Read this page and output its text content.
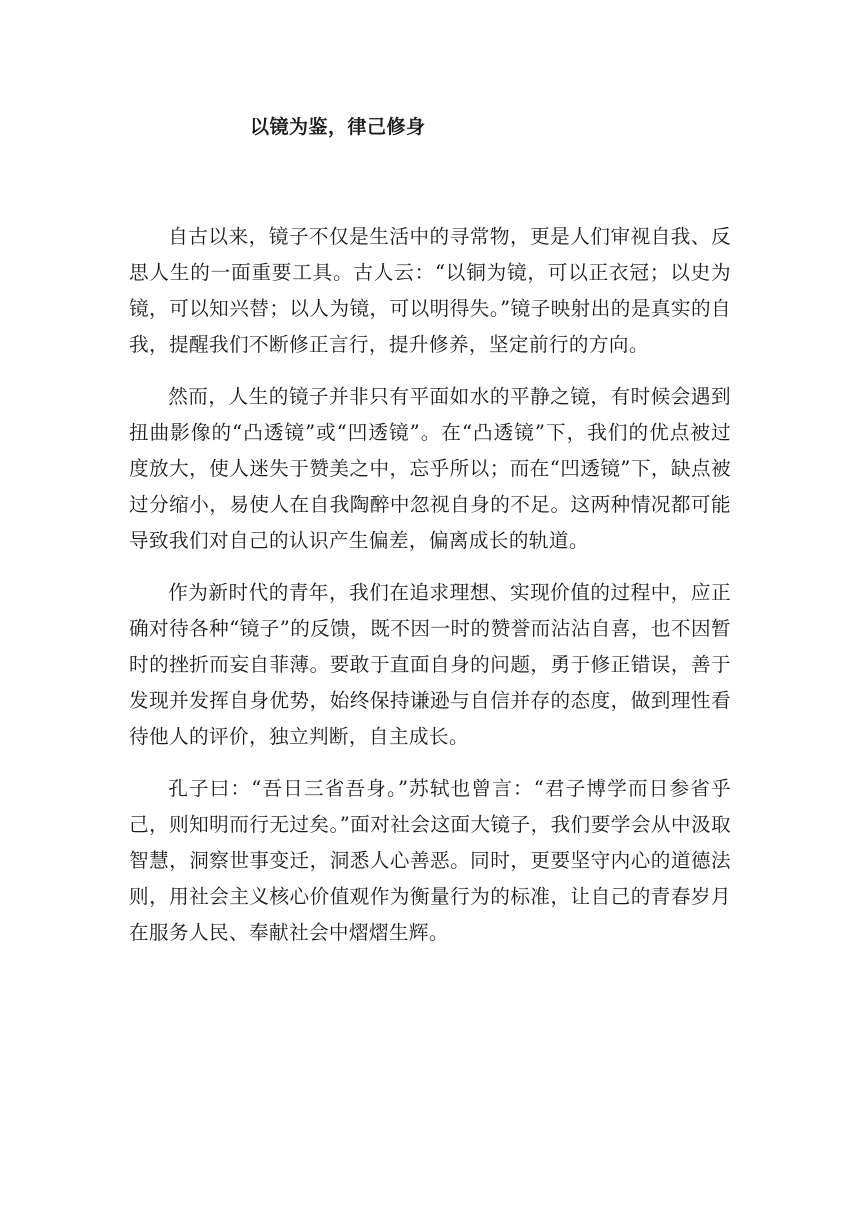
以镜为鉴，律己修身

自古以来，镜子不仅是生活中的寻常物，更是人们审视自我、反思人生的一面重要工具。古人云：“以铜为镜，可以正衣冠；以史为镜，可以知兴替；以人为镜，可以明得失。”镜子映射出的是真实的自我，提醒我们不断修正言行，提升修养，坚定前行的方向。

然而，人生的镜子并非只有平面如水的平静之镜，有时候会遇到扭曲影像的“凸透镜”或“凹透镜”。在“凸透镜”下，我们的优点被过度放大，使人迷失于赞美之中，忘乎所以；而在“凹透镜”下，缺点被过分缩小，易使人在自我陶醉中忽视自身的不足。这两种情况都可能导致我们对自己的认识产生偏差，偏离成长的轨道。

作为新时代的青年，我们在追求理想、实现价值的过程中，应正确对待各种“镜子”的反馈，既不因一时的赞誉而沾沾自喜，也不因暂时的挫折而妄自菲薄。要敢于直面自身的问题，勇于修正错误，善于发现并发挥自身优势，始终保持谦逊与自信并存的态度，做到理性看待他人的评价，独立判断，自主成长。

孔子曰：“吾日三省吾身。”苏轼也曾言：“君子博学而日参省乎己，则知明而行无过矣。”面对社会这面大镜子，我们要学会从中汲取智慧，洞察世事变迁，洞悉人心善恶。同时，更要坚守内心的道德法则，用社会主义核心价值观作为衡量行为的标准，让自己的青春岁月在服务人民、奉献社会中熠熠生辉。
